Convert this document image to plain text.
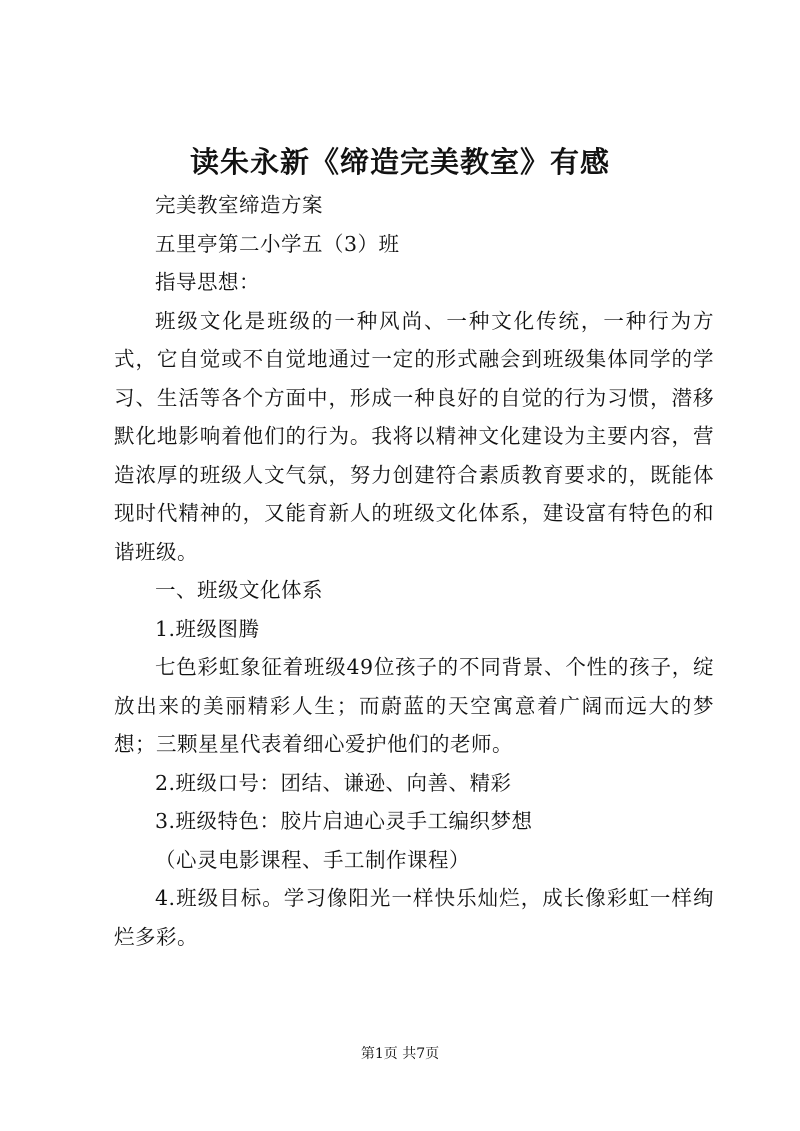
读朱永新《缔造完美教室》有感

完美教室缔造方案

五里亭第二小学五（3）班

指导思想：

班级文化是班级的一种风尚、一种文化传统，一种行为方式，它自觉或不自觉地通过一定的形式融会到班级集体同学的学习、生活等各个方面中，形成一种良好的自觉的行为习惯，潜移默化地影响着他们的行为。我将以精神文化建设为主要内容，营造浓厚的班级人文气氛，努力创建符合素质教育要求的，既能体现时代精神的，又能育新人的班级文化体系，建设富有特色的和谐班级。

一、班级文化体系

1.班级图腾

七色彩虹象征着班级49位孩子的不同背景、个性的孩子，绽放出来的美丽精彩人生；而蔚蓝的天空寓意着广阔而远大的梦想；三颗星星代表着细心爱护他们的老师。

2.班级口号：团结、谦逊、向善、精彩

3.班级特色：胶片启迪心灵手工编织梦想

（心灵电影课程、手工制作课程）

4.班级目标。学习像阳光一样快乐灿烂，成长像彩虹一样绚烂多彩。

第1页 共7页
